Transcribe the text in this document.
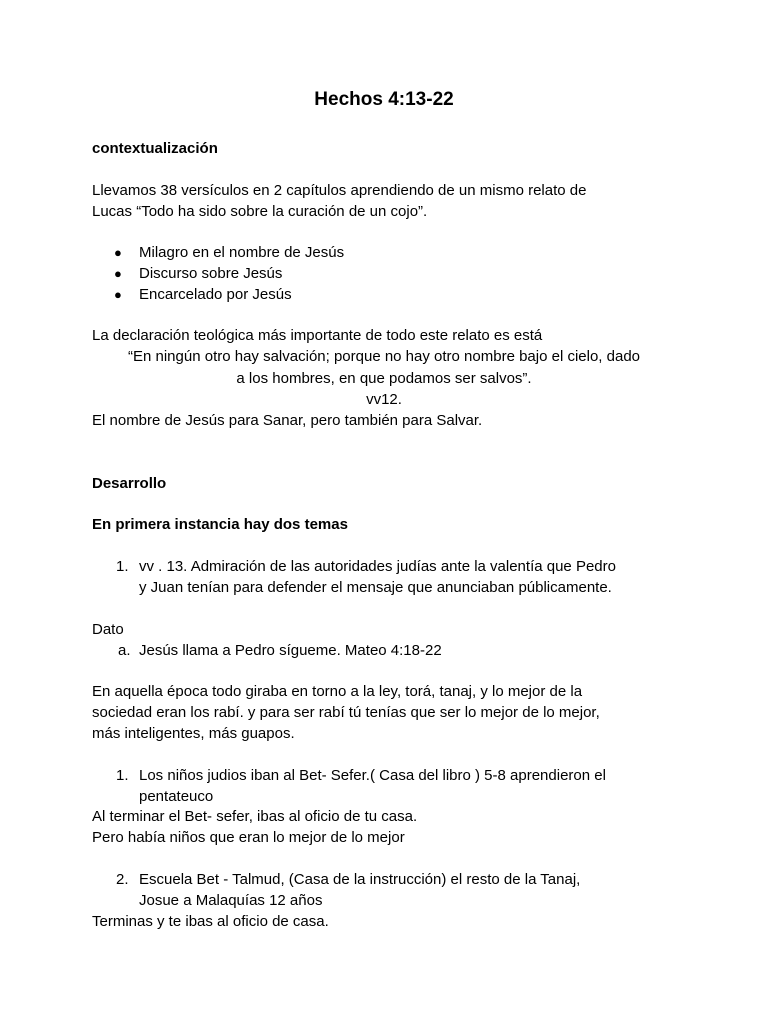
Hechos 4:13-22
contextualización
Llevamos 38 versículos en 2 capítulos aprendiendo de un mismo relato de
Lucas “Todo ha sido sobre la curación de un cojo”.
● Milagro en el nombre de Jesús
● Discurso sobre Jesús
● Encarcelado por Jesús
La declaración teológica más importante de todo este relato es está
“En ningún otro hay salvación; porque no hay otro nombre bajo el cielo, dado
a los hombres, en que podamos ser salvos”.
vv12.
El nombre de Jesús para Sanar, pero también para Salvar.
Desarrollo
En primera instancia hay dos temas
1. vv . 13. Admiración de las autoridades judías ante la valentía que Pedro
y Juan tenían para defender el mensaje que anunciaban públicamente.
Dato
a. Jesús llama a Pedro sígueme. Mateo 4:18-22
En aquella época todo giraba en torno a la ley, torá, tanaj, y lo mejor de la
sociedad eran los rabí. y para ser rabí tú tenías que ser lo mejor de lo mejor,
más inteligentes, más guapos.
1. Los niños judios iban al Bet- Sefer.( Casa del libro ) 5-8 aprendieron el
pentateuco
Al terminar el Bet- sefer, ibas al oficio de tu casa.
Pero había niños que eran lo mejor de lo mejor
2. Escuela Bet - Talmud, (Casa de la instrucción) el resto de la Tanaj,
Josue a Malaquías 12 años
Terminas y te ibas al oficio de casa.
